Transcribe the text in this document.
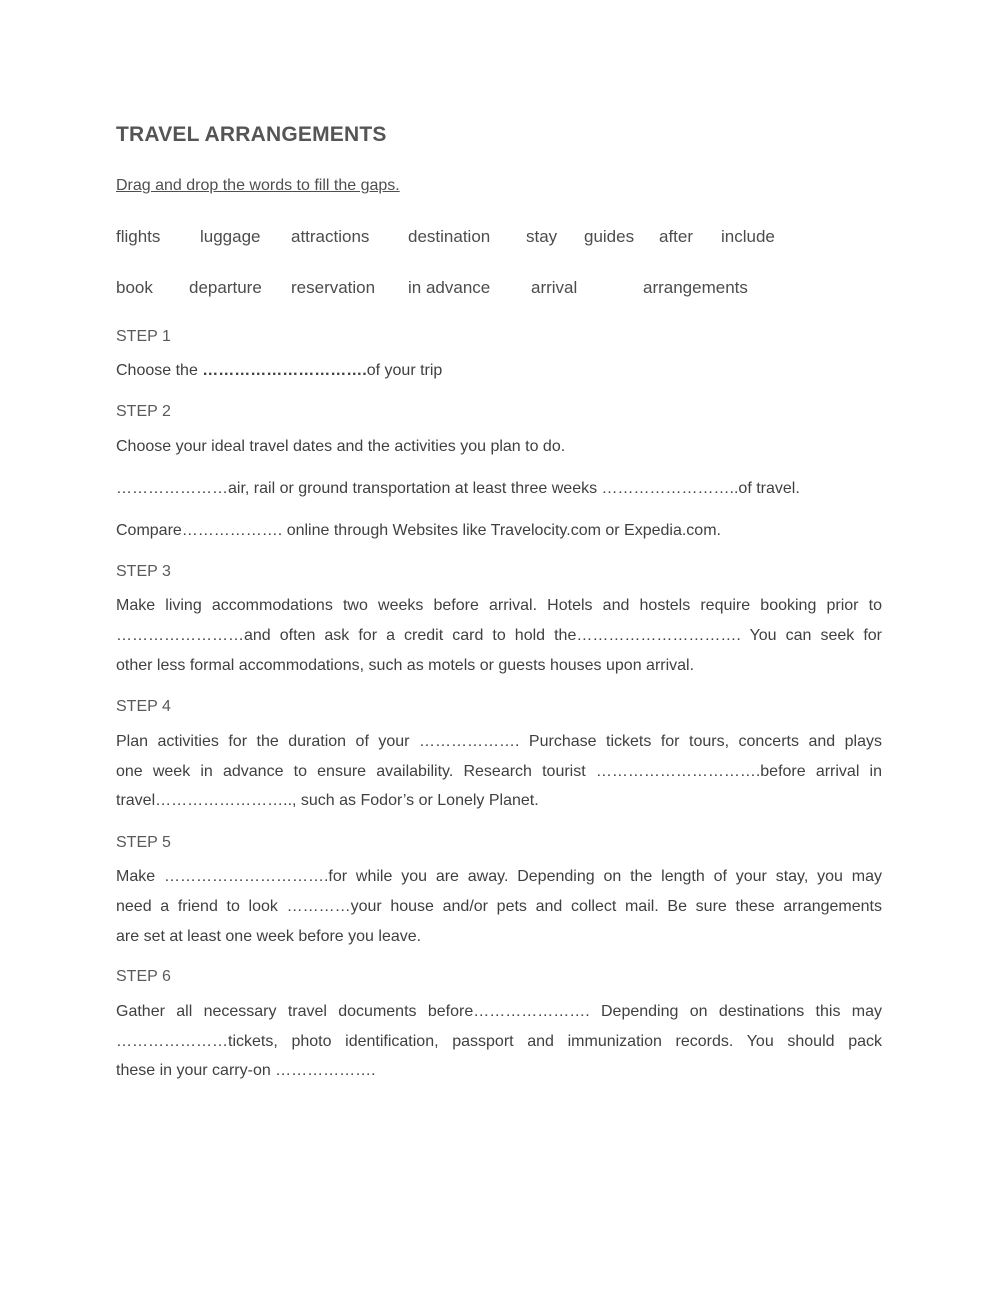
TRAVEL ARRANGEMENTS
Drag and drop the words to fill the gaps.
flights luggage attractions destination stay guides after include
book departure reservation in advance arrival	arrangements
STEP 1
Choose the ………………………….of your trip
STEP 2
Choose your ideal travel dates and the activities you plan to do.
…………………air, rail or ground transportation at least three weeks ……………………..of travel.
Compare………………. online through Websites like Travelocity.com or Expedia.com.
STEP 3
Make living accommodations two weeks before arrival. Hotels and hostels require booking prior to
……………………and often ask for a credit card to hold the…………………………. You can seek for
other less formal accommodations, such as motels or guests houses upon arrival.
STEP 4
Plan activities for the duration of your ………………. Purchase tickets for tours, concerts and plays
one week in advance to ensure availability. Research tourist ………………………….before arrival in
travel…………………….., such as Fodor’s or Lonely Planet.
STEP 5
Make ………………………….for while you are away. Depending on the length of your stay, you may
need a friend to look …………your house and/or pets and collect mail. Be sure these arrangements
are set at least one week before you leave.
STEP 6
Gather all necessary travel documents before…………………. Depending on destinations this may
…………………tickets, photo identification, passport and immunization records. You should pack
these in your carry-on ……………….
